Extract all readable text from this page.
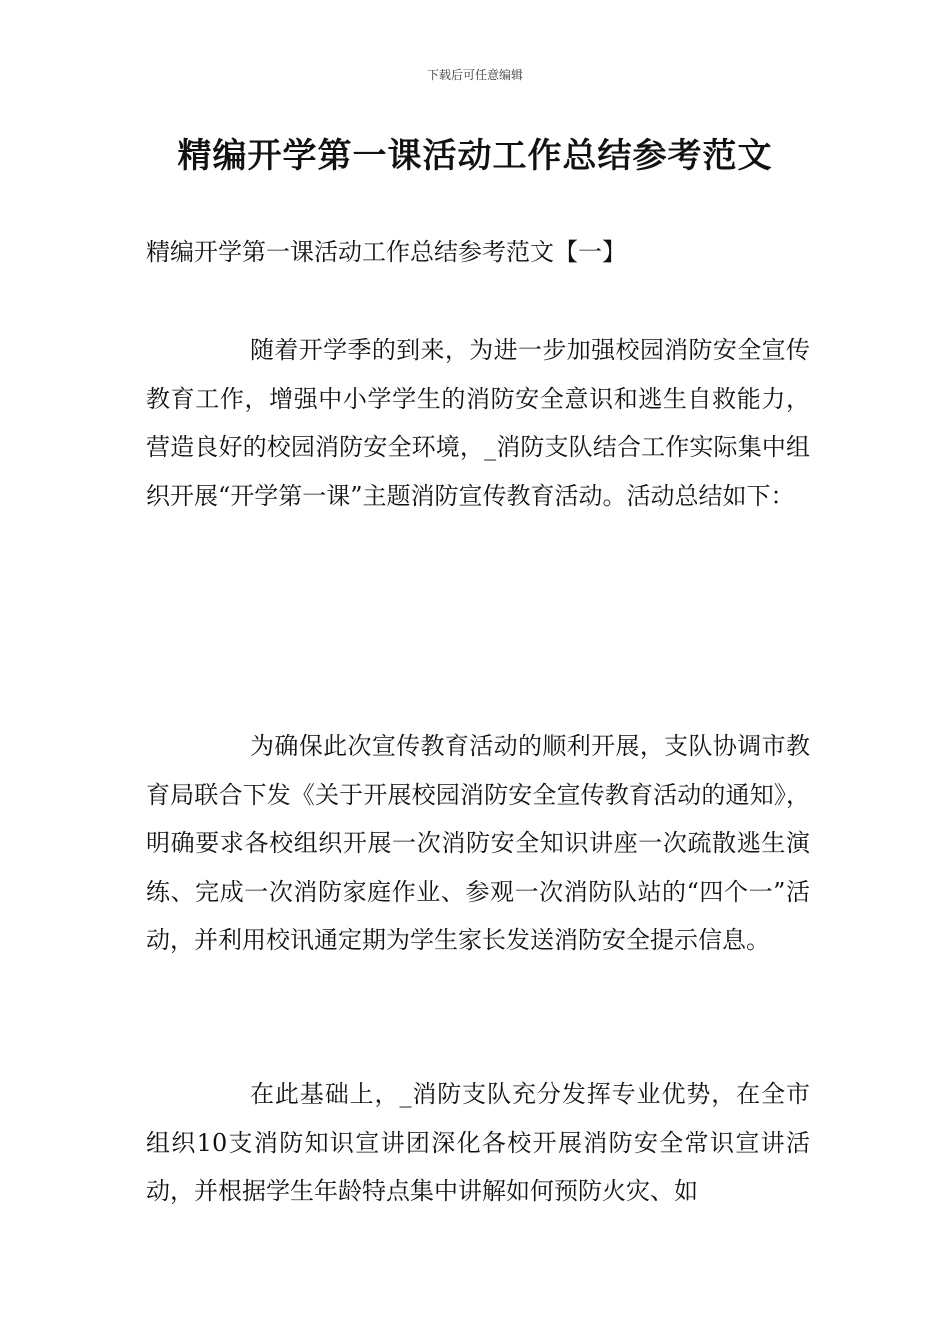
下载后可任意编辑
精编开学第一课活动工作总结参考范文
精编开学第一课活动工作总结参考范文【一】

随着开学季的到来，为进一步加强校园消防安全宣传教育工作，增强中小学学生的消防安全意识和逃生自救能力，营造良好的校园消防安全环境，_消防支队结合工作实际集中组织开展“开学第一课”主题消防宣传教育活动。活动总结如下：

为确保此次宣传教育活动的顺利开展，支队协调市教育局联合下发《关于开展校园消防安全宣传教育活动的通知》，明确要求各校组织开展一次消防安全知识讲座一次疏散逃生演练、完成一次消防家庭作业、参观一次消防队站的“四个一”活动，并利用校讯通定期为学生家长发送消防安全提示信息。

在此基础上，_消防支队充分发挥专业优势，在全市组织10支消防知识宣讲团深化各校开展消防安全常识宣讲活动，并根据学生年龄特点集中讲解如何预防火灾、如
